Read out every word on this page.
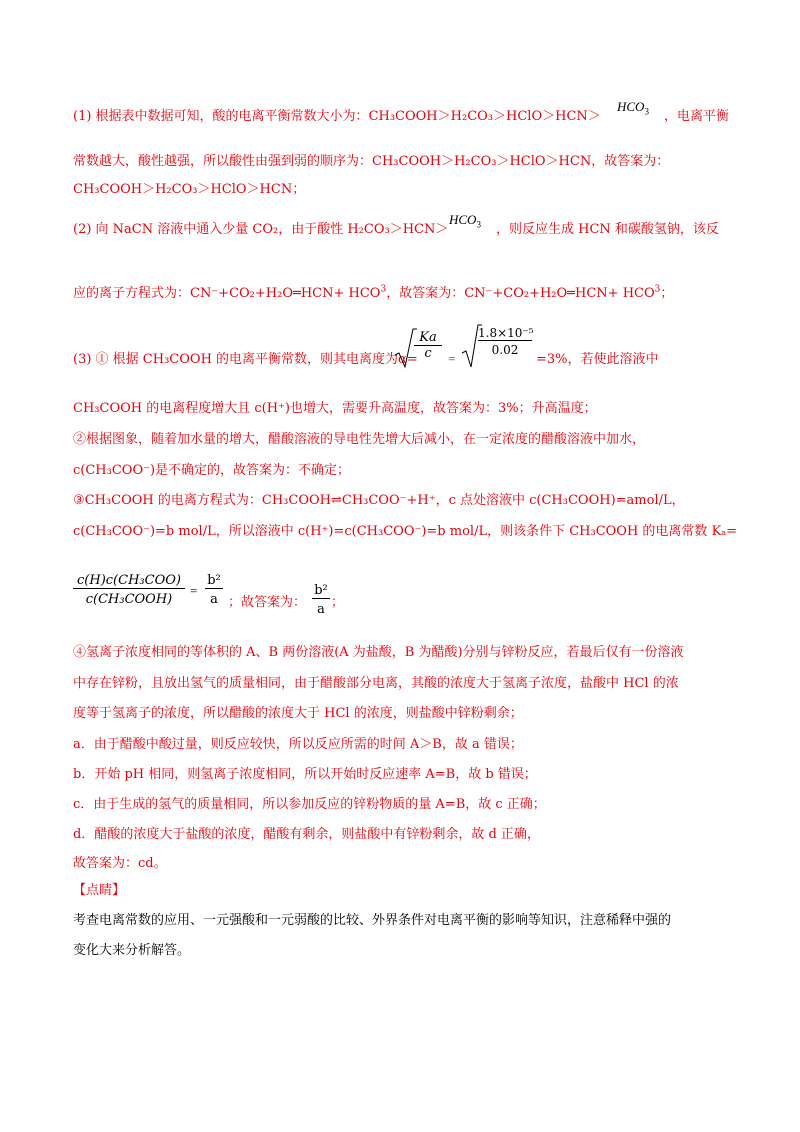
(1) 根据表中数据可知，酸的电离平衡常数大小为：CH₃COOH＞H₂CO₃＞HClO＞HCN＞
$HCO_3$ ，电离平衡
常数越大，酸性越强，所以酸性由强到弱的顺序为：CH₃COOH＞H₂CO₃＞HClO＞HCN，故答案为：
CH₃COOH＞H₂CO₃＞HClO＞HCN；
(2) 向 NaCN 溶液中通入少量 CO₂，由于酸性 H₂CO₃＞HCN＞
$HCO_3$ ，则反应生成 HCN 和碳酸氢钠，该反
应的离子方程式为：CN⁻+CO₂+H₂O═HCN+ $HCO^3$，故答案为：CN⁻+CO₂+H₂O═HCN+ $HCO^3$；
(3) ① 根据 CH₃COOH 的电离平衡常数，则其电离度为α=
$\frac{Ka}{c}$ =
$\frac{\text{1.8×10⁻⁵}}{0.02}$
=3%，若使此溶液中
CH₃COOH 的电离程度增大且 c(H⁺)也增大，需要升高温度，故答案为：3%；升高温度；
②根据图象，随着加水量的增大，醋酸溶液的导电性先增大后减小，在一定浓度的醋酸溶液中加水，
c(CH₃COO⁻)是不确定的，故答案为：不确定；
③CH₃COOH 的电离方程式为：CH₃COOH⇌CH₃COO⁻+H⁺，c 点处溶液中 c(CH₃COOH)=amol/L，
c(CH₃COO⁻)=b mol/L，所以溶液中 c(H⁺)=c(CH₃COO⁻)=b mol/L，则该条件下 CH₃COOH 的电离常数 Kₐ=
c(H)c(CH₃COO)
c(CH₃COOH)
= $\frac{\text{b²}}{a}$ ；故答案为： $\frac{\text{b²}}{a}$ ；
④氢离子浓度相同的等体积的 A、B 两份溶液(A 为盐酸，B 为醋酸)分别与锌粉反应，若最后仅有一份溶液
中存在锌粉，且放出氢气的质量相同，由于醋酸部分电离，其酸的浓度大于氢离子浓度，盐酸中 HCl 的浓
度等于氢离子的浓度，所以醋酸的浓度大于 HCl 的浓度，则盐酸中锌粉剩余；
a．由于醋酸中酸过量，则反应较快，所以反应所需的时间 A＞B，故 a 错误；
b．开始 pH 相同，则氢离子浓度相同，所以开始时反应速率 A=B，故 b 错误；
c．由于生成的氢气的质量相同，所以参加反应的锌粉物质的量 A=B，故 c 正确；
d．醋酸的浓度大于盐酸的浓度，醋酸有剩余，则盐酸中有锌粉剩余，故 d 正确，
故答案为：cd。
【点睛】
考查电离常数的应用、一元强酸和一元弱酸的比较、外界条件对电离平衡的影响等知识，注意稀释中强的
变化大来分析解答。
